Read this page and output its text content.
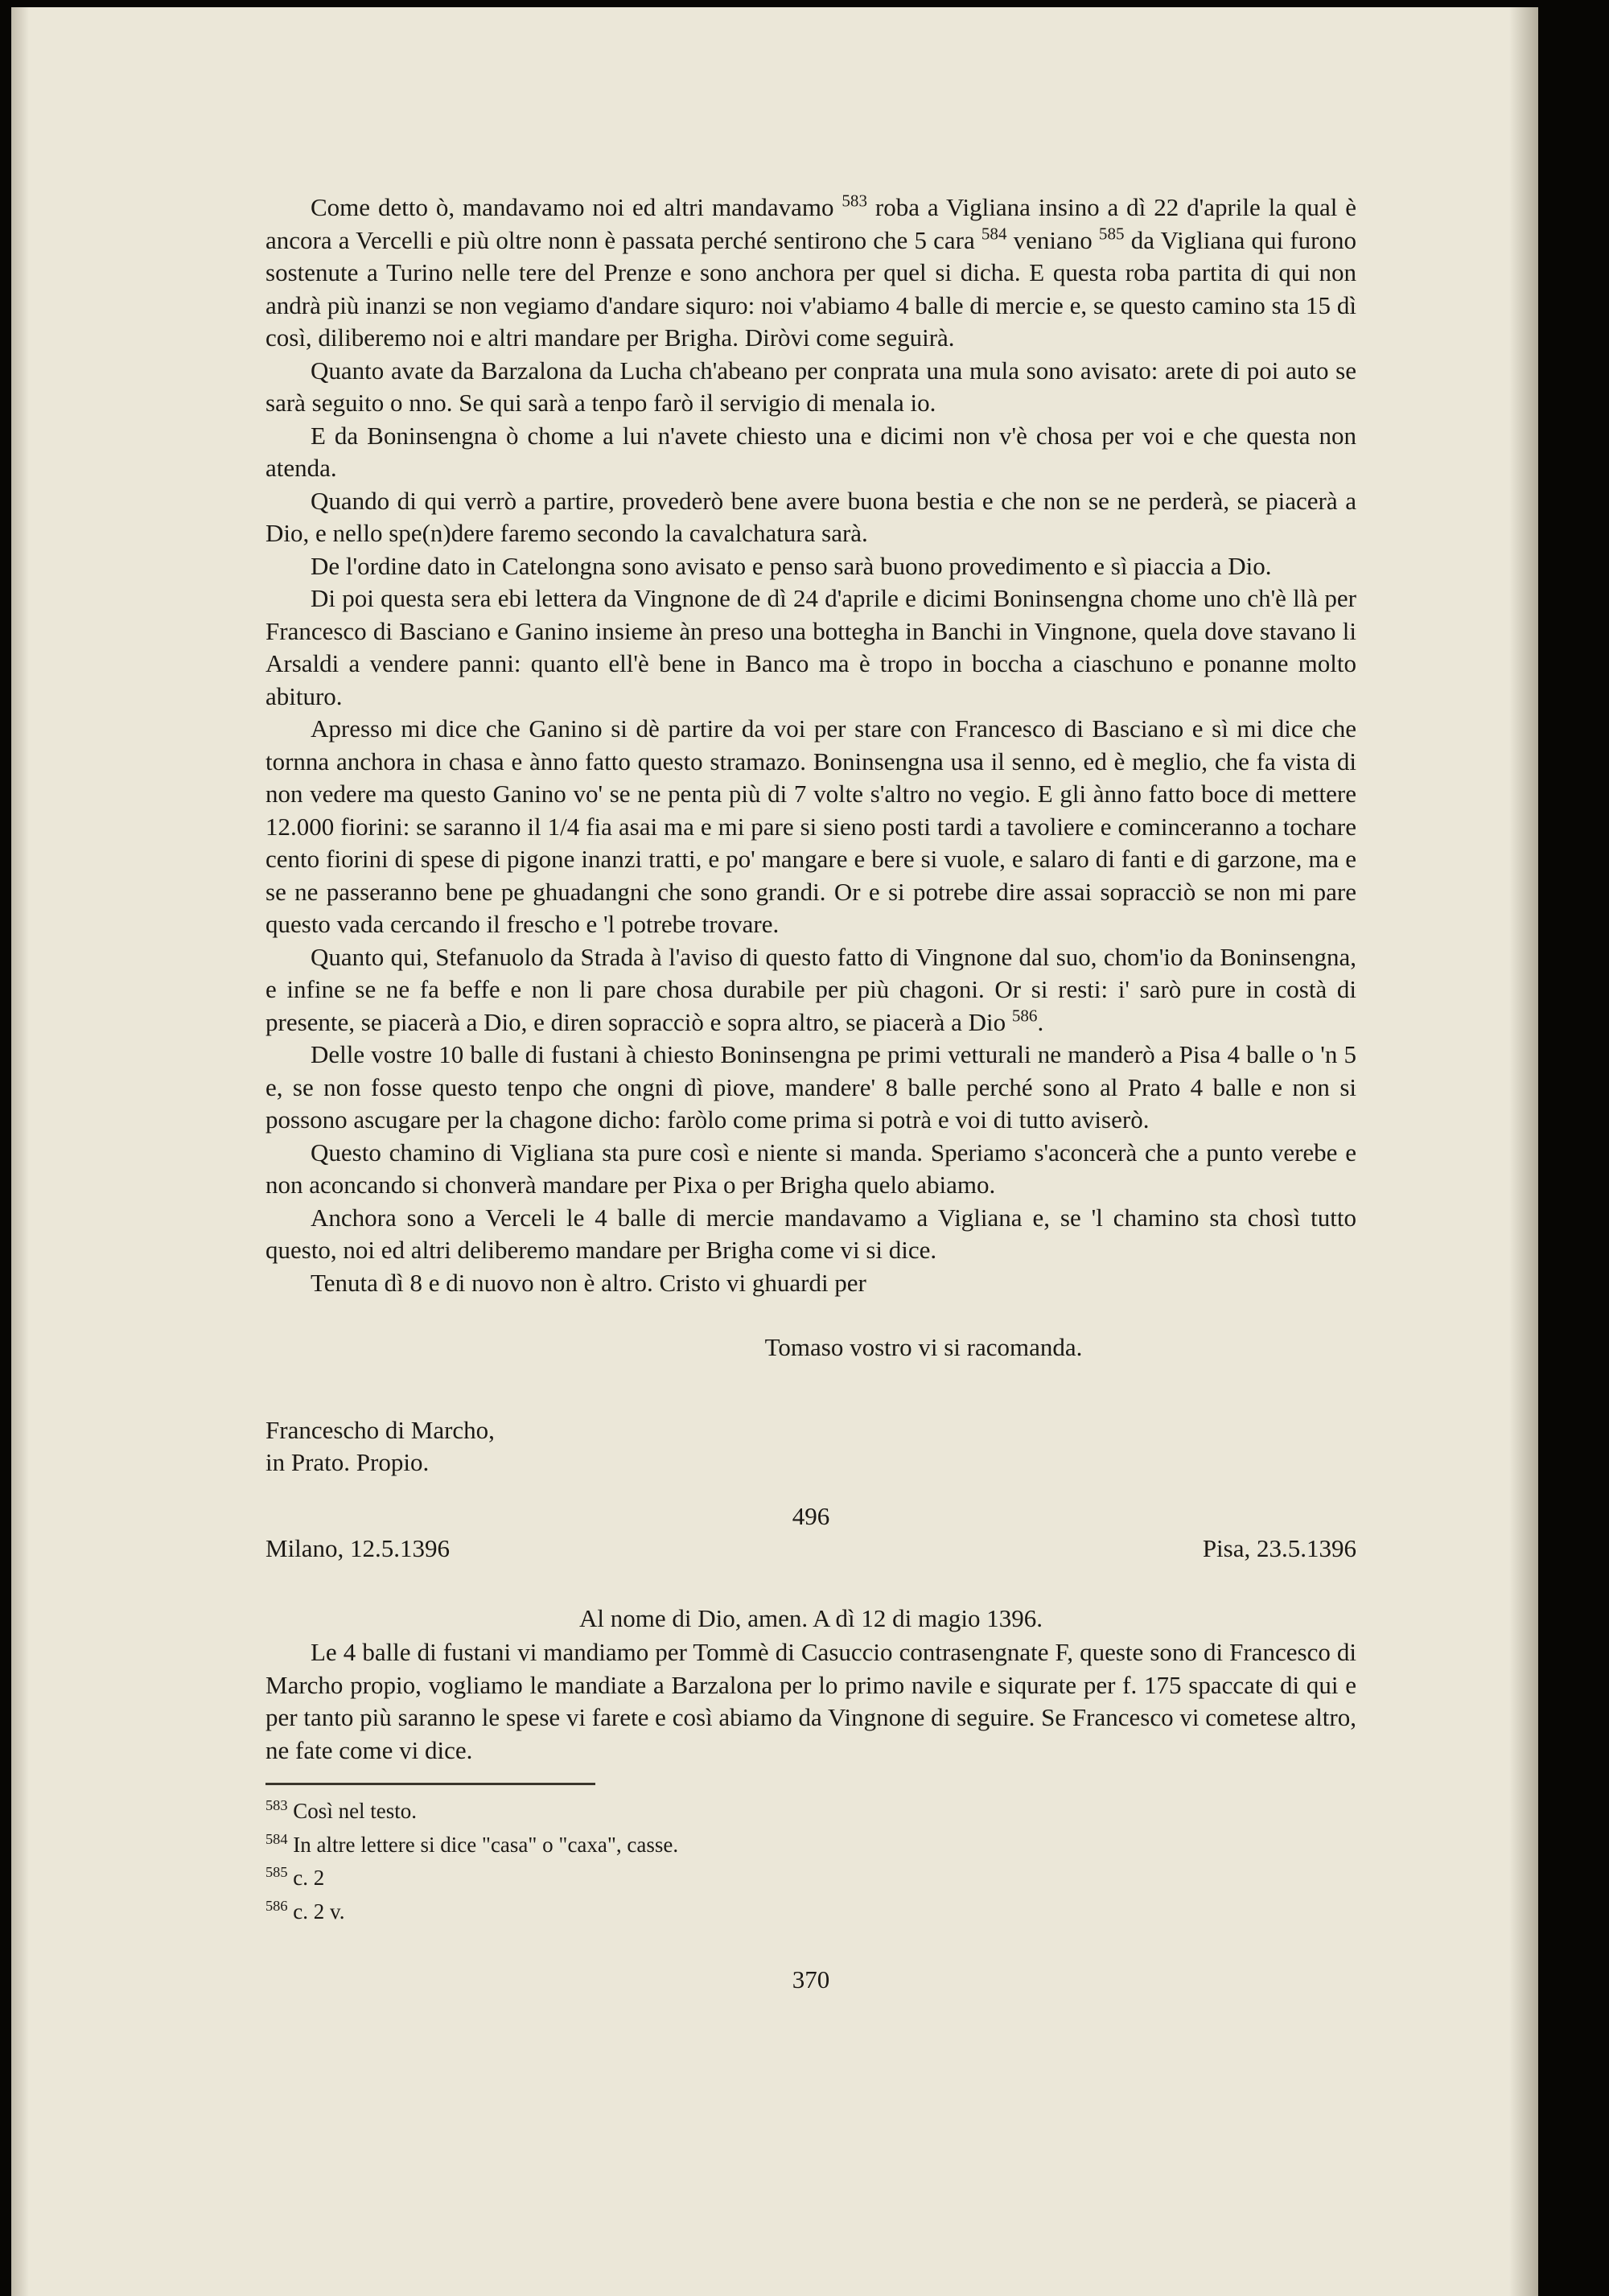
Come detto ò, mandavamo noi ed altri mandavamo $^{583}$ roba a Vigliana insino a dì 22 d'aprile la qual è ancora a Vercelli e più oltre nonn è passata perché sentirono che 5 cara $^{584}$ veniano $^{585}$ da Vigliana qui furono sostenute a Turino nelle tere del Prenze e sono anchora per quel si dicha. E questa roba partita di qui non andrà più inanzi se non vegiamo d'andare siquro: noi v'abiamo 4 balle di mercie e, se questo camino sta 15 dì così, diliberemo noi e altri mandare per Brigha. Diròvi come seguirà.

Quanto avate da Barzalona da Lucha ch'abeano per conprata una mula sono avisato: arete di poi auto se sarà seguito o nno. Se qui sarà a tenpo farò il servigio di menala io.

E da Boninsengna ò chome a lui n'avete chiesto una e dicimi non v'è chosa per voi e che questa non atenda.

Quando di qui verrò a partire, provederò bene avere buona bestia e che non se ne perderà, se piacerà a Dio, e nello spe(n)dere faremo secondo la cavalchatura sarà.

De l'ordine dato in Catelongna sono avisato e penso sarà buono provedimento e sì piaccia a Dio.

Di poi questa sera ebi lettera da Vingnone de dì 24 d'aprile e dicimi Boninsengna chome uno ch'è llà per Francesco di Basciano e Ganino insieme àn preso una bottegha in Banchi in Vingnone, quela dove stavano li Arsaldi a vendere panni: quanto ell'è bene in Banco ma è tropo in boccha a ciaschuno e ponanne molto abituro.

Apresso mi dice che Ganino si dè partire da voi per stare con Francesco di Basciano e sì mi dice che tornna anchora in chasa e ànno fatto questo stramazo. Boninsengna usa il senno, ed è meglio, che fa vista di non vedere ma questo Ganino vo' se ne penta più di 7 volte s'altro no vegio. E gli ànno fatto boce di mettere 12.000 fiorini: se saranno il 1/4 fia asai ma e mi pare si sieno posti tardi a tavoliere e cominceranno a tochare cento fiorini di spese di pigone inanzi tratti, e po' mangare e bere si vuole, e salaro di fanti e di garzone, ma e se ne passeranno bene pe ghuadangni che sono grandi. Or e si potrebe dire assai sopracciò se non mi pare questo vada cercando il frescho e 'l potrebe trovare.

Quanto qui, Stefanuolo da Strada à l'aviso di questo fatto di Vingnone dal suo, chom'io da Boninsengna, e infine se ne fa beffe e non li pare chosa durabile per più chagoni. Or si resti: i' sarò pure in costà di presente, se piacerà a Dio, e diren sopracciò e sopra altro, se piacerà a Dio $^{586}$.

Delle vostre 10 balle di fustani à chiesto Boninsengna pe primi vetturali ne manderò a Pisa 4 balle o 'n 5 e, se non fosse questo tenpo che ongni dì piove, mandere' 8 balle perché sono al Prato 4 balle e non si possono ascugare per la chagone dicho: faròlo come prima si potrà e voi di tutto aviserò.

Questo chamino di Vigliana sta pure così e niente si manda. Speriamo s'aconcerà che a punto verebe e non aconcando si chonverà mandare per Pixa o per Brigha quelo abiamo.

Anchora sono a Verceli le 4 balle di mercie mandavamo a Vigliana e, se 'l chamino sta chosì tutto questo, noi ed altri deliberemo mandare per Brigha come vi si dice.

Tenuta dì 8 e di nuovo non è altro. Cristo vi ghuardi per

Tomaso vostro vi si racomanda.

Francescho di Marcho,

in Prato. Propio.

496

Milano, 12.5.1396	Pisa, 23.5.1396

Al nome di Dio, amen. A dì 12 di magio 1396.

Le 4 balle di fustani vi mandiamo per Tommè di Casuccio contrasengnate F, queste sono di Francesco di Marcho propio, vogliamo le mandiate a Barzalona per lo primo navile e siqurate per f. 175 spaccate di qui e per tanto più saranno le spese vi farete e così abiamo da Vingnone di seguire. Se Francesco vi cometese altro, ne fate come vi dice.

$^{583}$ Così nel testo.

$^{584}$ In altre lettere si dice "casa" o "caxa", casse.

$^{585}$ c. 2

$^{586}$ c. 2 v.

370
